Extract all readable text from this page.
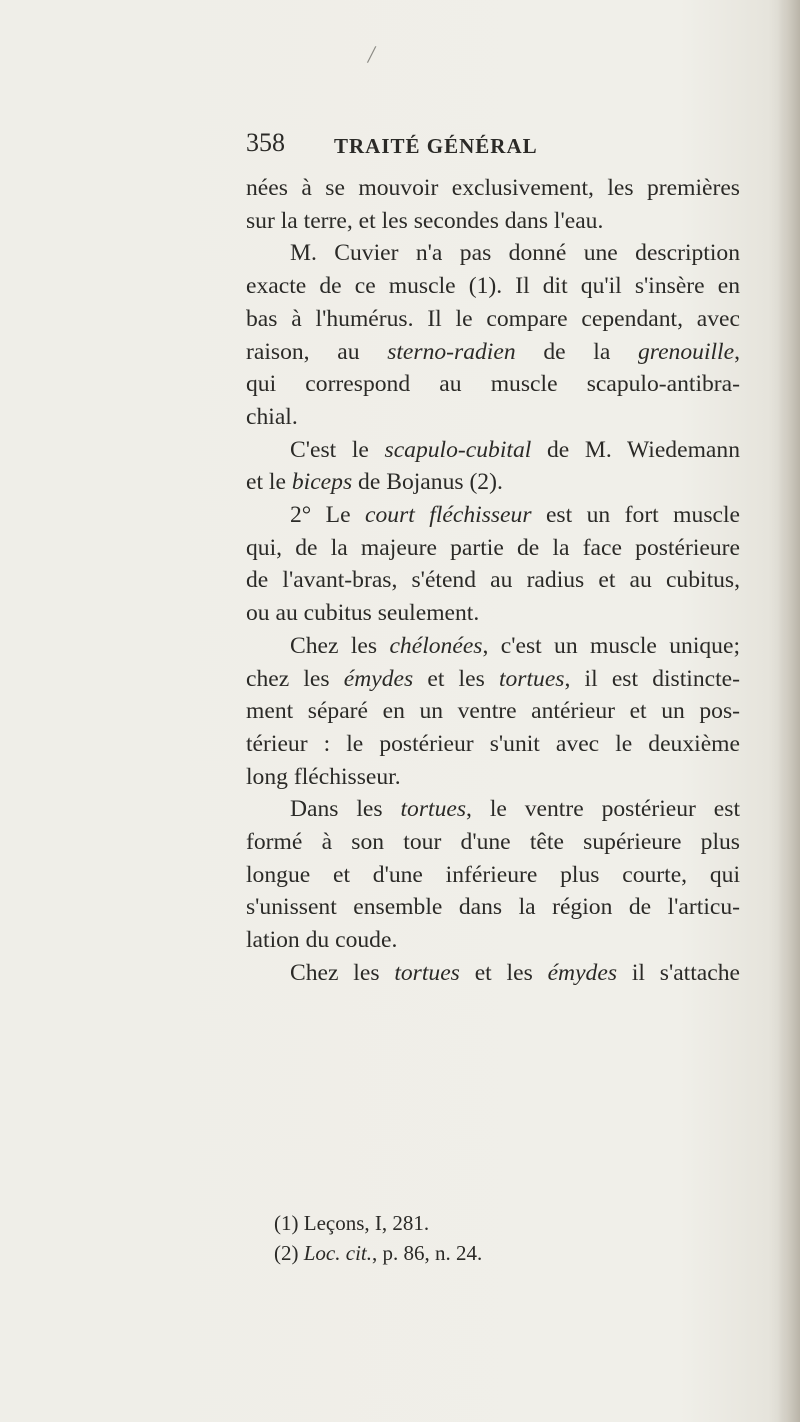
/
358 TRAITÉ GÉNÉRAL

nées à se mouvoir exclusivement, les premières
sur la terre, et les secondes dans l'eau.

M. Cuvier n'a pas donné une description
exacte de ce muscle (1). Il dit qu'il s'insère en
bas à l'humérus. Il le compare cependant, avec
raison, au sterno-radien de la grenouille,
qui correspond au muscle scapulo-antibra-
chial.

C'est le scapulo-cubital de M. Wiedemann
et le biceps de Bojanus (2).

2° Le court fléchisseur est un fort muscle
qui, de la majeure partie de la face postérieure
de l'avant-bras, s'étend au radius et au cubitus,
ou au cubitus seulement.

Chez les chélonées, c'est un muscle unique;
chez les émydes et les tortues, il est distincte-
ment séparé en un ventre antérieur et un pos-
térieur : le postérieur s'unit avec le deuxième
long fléchisseur.

Dans les tortues, le ventre postérieur est
formé à son tour d'une tête supérieure plus
longue et d'une inférieure plus courte, qui
s'unissent ensemble dans la région de l'articu-
lation du coude.

Chez les tortues et les émydes il s'attache

(1) Leçons, I, 281.
(2) Loc. cit., p. 86, n. 24.
